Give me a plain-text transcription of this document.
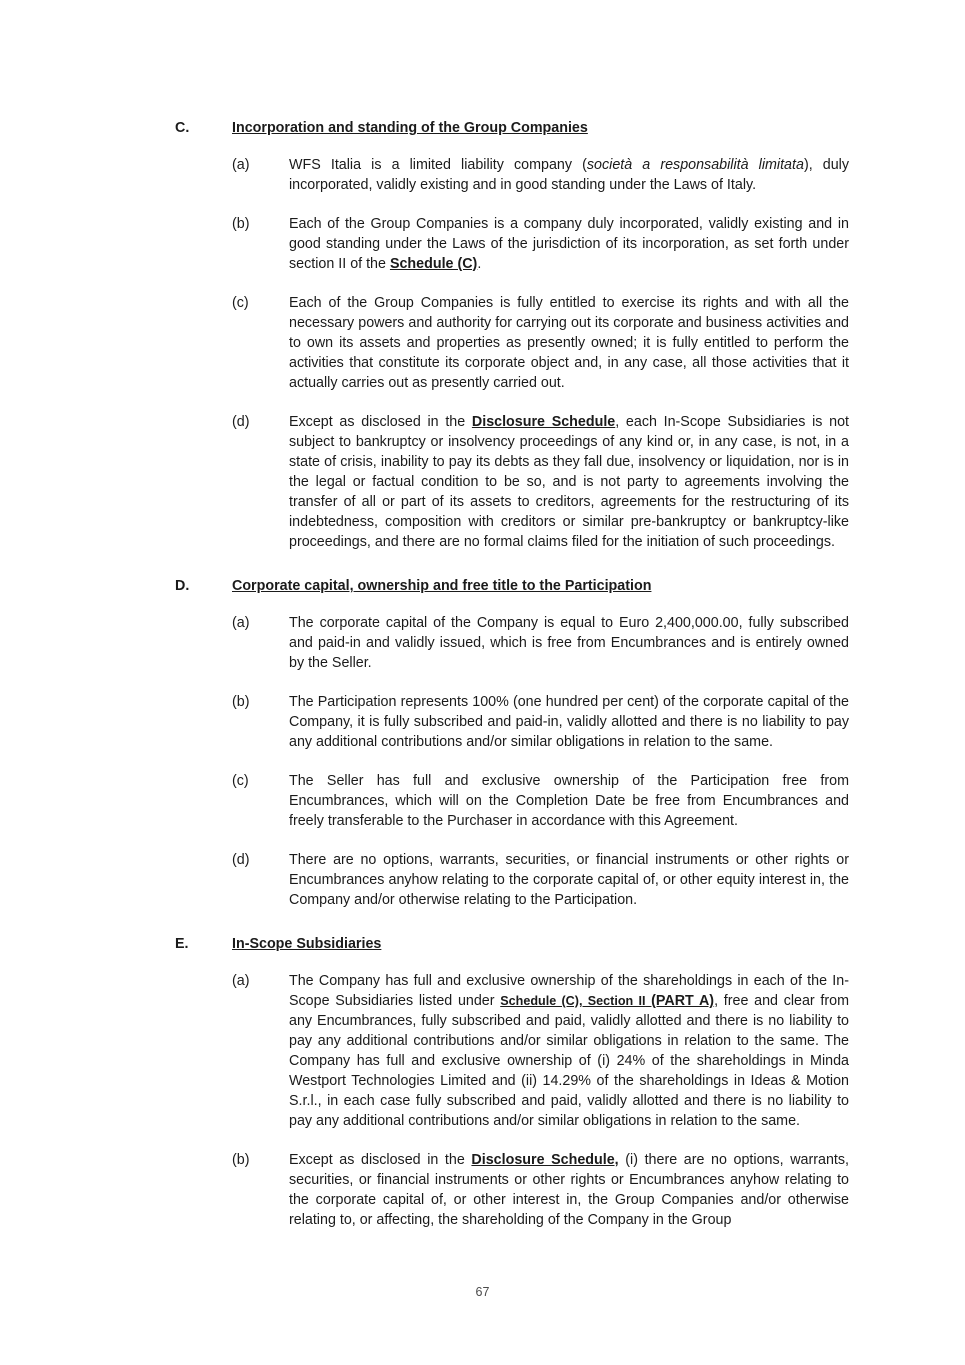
C.	Incorporation and standing of the Group Companies
(a)	WFS Italia is a limited liability company (società a responsabilità limitata), duly incorporated, validly existing and in good standing under the Laws of Italy.
(b)	Each of the Group Companies is a company duly incorporated, validly existing and in good standing under the Laws of the jurisdiction of its incorporation, as set forth under section II of the Schedule (C).
(c)	Each of the Group Companies is fully entitled to exercise its rights and with all the necessary powers and authority for carrying out its corporate and business activities and to own its assets and properties as presently owned; it is fully entitled to perform the activities that constitute its corporate object and, in any case, all those activities that it actually carries out as presently carried out.
(d)	Except as disclosed in the Disclosure Schedule, each In-Scope Subsidiaries is not subject to bankruptcy or insolvency proceedings of any kind or, in any case, is not, in a state of crisis, inability to pay its debts as they fall due, insolvency or liquidation, nor is in the legal or factual condition to be so, and is not party to agreements involving the transfer of all or part of its assets to creditors, agreements for the restructuring of its indebtedness, composition with creditors or similar pre-bankruptcy or bankruptcy-like proceedings, and there are no formal claims filed for the initiation of such proceedings.
D.	Corporate capital, ownership and free title to the Participation
(a)	The corporate capital of the Company is equal to Euro 2,400,000.00, fully subscribed and paid-in and validly issued, which is free from Encumbrances and is entirely owned by the Seller.
(b)	The Participation represents 100% (one hundred per cent) of the corporate capital of the Company, it is fully subscribed and paid-in, validly allotted and there is no liability to pay any additional contributions and/or similar obligations in relation to the same.
(c)	The Seller has full and exclusive ownership of the Participation free from Encumbrances, which will on the Completion Date be free from Encumbrances and freely transferable to the Purchaser in accordance with this Agreement.
(d)	There are no options, warrants, securities, or financial instruments or other rights or Encumbrances anyhow relating to the corporate capital of, or other equity interest in, the Company and/or otherwise relating to the Participation.
E.	In-Scope Subsidiaries
(a)	The Company has full and exclusive ownership of the shareholdings in each of the In-Scope Subsidiaries listed under Schedule (C), Section II (PART A), free and clear from any Encumbrances, fully subscribed and paid, validly allotted and there is no liability to pay any additional contributions and/or similar obligations in relation to the same. The Company has full and exclusive ownership of (i) 24% of the shareholdings in Minda Westport Technologies Limited and (ii) 14.29% of the shareholdings in Ideas & Motion S.r.l., in each case fully subscribed and paid, validly allotted and there is no liability to pay any additional contributions and/or similar obligations in relation to the same.
(b)	Except as disclosed in the Disclosure Schedule, (i) there are no options, warrants, securities, or financial instruments or other rights or Encumbrances anyhow relating to the corporate capital of, or other interest in, the Group Companies and/or otherwise relating to, or affecting, the shareholding of the Company in the Group
67
